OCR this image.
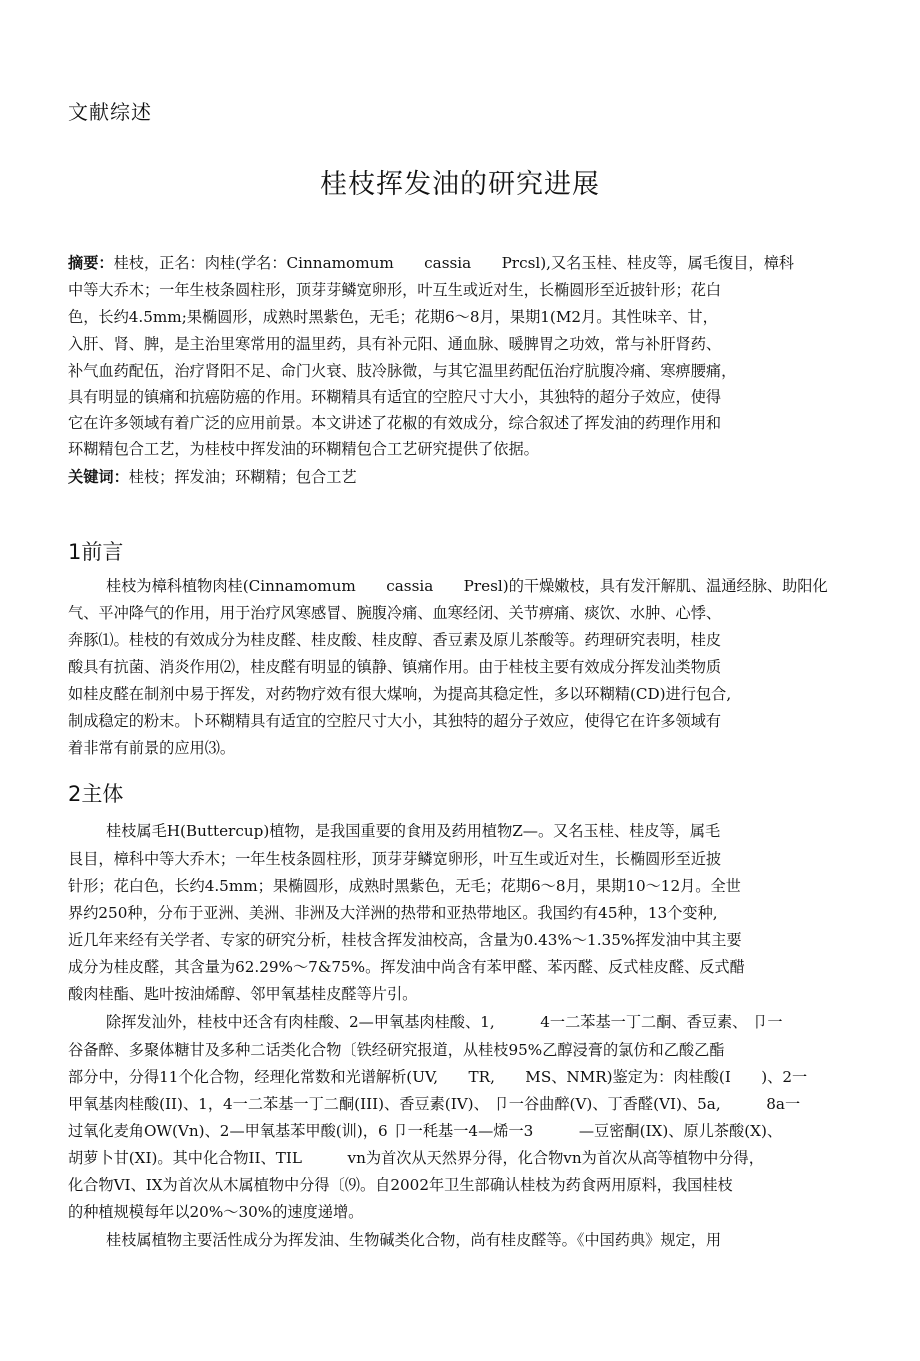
文献综述
桂枝挥发油的研究进展
摘要：桂枝，正名：肉桂(学名：Cinnamomum　　cassia　　Prcsl),又名玉桂、桂皮等，属毛復目，樟科
中等大乔木；一年生枝条圆柱形，顶芽芽鳞宽卵形，叶互生或近对生，长椭圆形至近披针形；花白
色，长约4.5mm;果椭圆形，成熟时黑紫色，无毛；花期6〜8月，果期1(M2月。其性味辛、甘，
入肝、肾、脾，是主治里寒常用的温里药，具有补元阳、通血脉、暖脾胃之功效，常与补肝肾药、
补气血药配伍，治疗肾阳不足、命门火衰、肢冷脉微，与其它温里药配伍治疗肮腹冷痛、寒痹腰痛，
具有明显的镇痛和抗癌防癌的作用。环糊精具有适宜的空腔尺寸大小，其独特的超分子效应，使得
它在许多领域有着广泛的应用前景。本文讲述了花椒的有效成分，综合叙述了挥发油的药理作用和
环糊精包合工艺，为桂枝中挥发油的环糊精包合工艺研究提供了依据。
关键词：桂枝；挥发油；环糊精；包合工艺
1前言
桂枝为樟科植物肉桂(Cinnamomum　　cassia　　Presl)的干燥嫩枝，具有发汗解肌、温通经脉、助阳化
气、平冲降气的作用，用于治疗风寒感冒、腕腹冷痛、血寒经闭、关节痹痛、痰饮、水肿、心悸、
奔豚⑴。桂枝的有效成分为桂皮醛、桂皮酸、桂皮醇、香豆素及原儿茶酸等。药理研究表明，桂皮
酸具有抗菌、消炎作用⑵，桂皮醛有明显的镇静、镇痛作用。由于桂枝主要有效成分挥发汕类物质
如桂皮醛在制剂中易于挥发，对药物疗效有很大煤响，为提高其稳定性，多以环糊精(CD)进行包合,
制成稳定的粉末。卜环糊精具有适宜的空腔尺寸大小，其独特的超分子效应，使得它在许多领域有
着非常有前景的应用⑶。
2主体
桂枝属毛H(Buttercup)植物，是我国重要的食用及药用植物Z—。又名玉桂、桂皮等，属毛
艮目，樟科中等大乔木；一年生枝条圆柱形，顶芽芽鳞宽卵形，叶互生或近对生，长椭圆形至近披
针形；花白色，长约4.5mm；果椭圆形，成熟时黑紫色，无毛；花期6〜8月，果期10〜12月。全世
界约250种，分布于亚洲、美洲、非洲及大洋洲的热带和亚热带地区。我国约有45种，13个变种,
近几年来经有关学者、专家的研究分析，桂枝含挥发油校高，含量为0.43%〜1.35%挥发油中其主要
成分为桂皮醛，其含量为62.29%〜7&75%。挥发油中尚含有苯甲醛、苯丙醛、反式桂皮醛、反式醋
酸肉桂酯、匙叶按油烯醇、邻甲氧基桂皮醛等片引。
除挥发汕外，桂枝中还含有肉桂酸、2—甲氧基肉桂酸、1,　　　4一二苯基一丁二酮、香豆素、 卩一
谷备醉、多聚体糖甘及多种二话类化合物〔铁经研究报道，从桂枝95%乙醇浸膏的氯仿和乙酸乙酯
部分中，分得11个化合物，经理化常数和光谱解析(UV,　　TR,　　MS、NMR)鉴定为：肉桂酸(I　　)、2一
甲氧基肉桂酸(II)、1，4一二苯基一丁二酮(III)、香豆素(IV)、 卩一谷曲醉(V)、丁香醛(VI)、5a,　　　8a一
过氧化麦角OW(Vn)、2—甲氧基苯甲酸(训)，6 卩一秏基一4—烯一3　　　—豆密酮(IX)、原儿茶酸(X)、
胡萝卜甘(XI)。其中化合物II、TIL　　　vn为首次从天然界分得，化合物vn为首次从高等植物中分得，
化合物VI、IX为首次从木属植物中分得〔⑼。自2002年卫生部确认桂枝为药食两用原料，我国桂枝
的种植规模每年以20%〜30%的速度递增。
桂枝属植物主要活性成分为挥发油、生物碱类化合物，尚有桂皮醛等。《中国药典》规定，用
